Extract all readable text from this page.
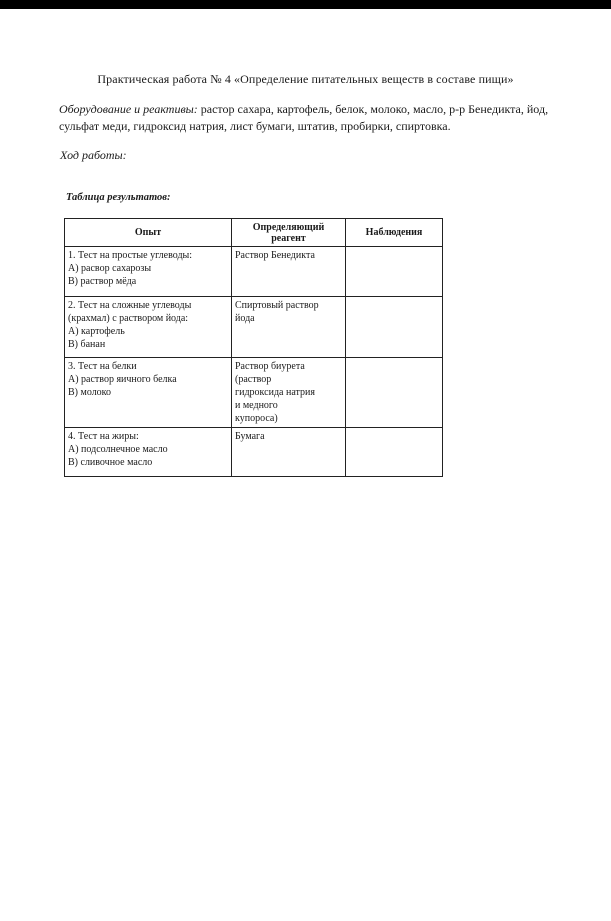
Практическая работа № 4 «Определение питательных веществ в составе пищи»
Оборудование и реактивы: растор сахара, картофель, белок, молоко, масло, р-р Бенедикта, йод, сульфат меди, гидроксид натрия, лист бумаги, штатив, пробирки, спиртовка.
Ход работы:
Таблица результатов:
Опыт	Определяющий реагент	Наблюдения

1. Тест на простые углеводы:
А) расвор сахарозы
В) раствор мёда	Раствор Бенедикта	

2. Тест на сложные углеводы
(крахмал) с раствором йода:
А) картофель
В) банан	Спиртовый раствор
йода	

3. Тест на белки
А) раствор яичного белка
В) молоко	Раствор биурета
(раствор
гидроксида натрия
и медного
купороса)	

4. Тест на жиры:
А) подсолнечное масло
В) сливочное масло	Бумага	
